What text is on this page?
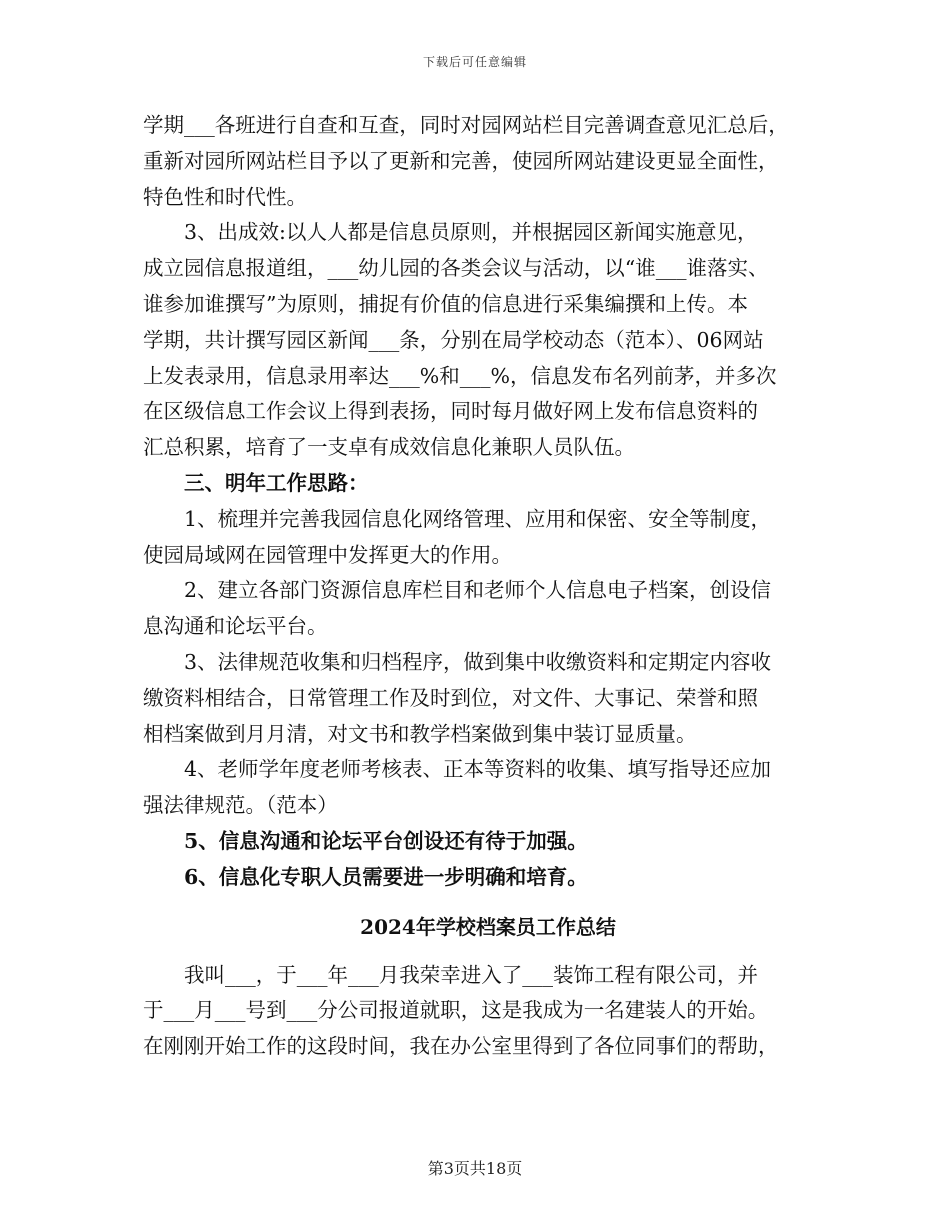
下载后可任意编辑
学期___各班进行自查和互查，同时对园网站栏目完善调查意见汇总后，
重新对园所网站栏目予以了更新和完善，使园所网站建设更显全面性，
特色性和时代性。
3、出成效:以人人都是信息员原则，并根据园区新闻实施意见，
成立园信息报道组，___幼儿园的各类会议与活动，以“谁___谁落实、
谁参加谁撰写”为原则，捕捉有价值的信息进行采集编撰和上传。本
学期，共计撰写园区新闻___条，分别在局学校动态（范本）、06网站
上发表录用，信息录用率达___%和___%，信息发布名列前茅，并多次
在区级信息工作会议上得到表扬，同时每月做好网上发布信息资料的
汇总积累，培育了一支卓有成效信息化兼职人员队伍。
三、明年工作思路：
1、梳理并完善我园信息化网络管理、应用和保密、安全等制度，
使园局域网在园管理中发挥更大的作用。
2、建立各部门资源信息库栏目和老师个人信息电子档案，创设信
息沟通和论坛平台。
3、法律规范收集和归档程序，做到集中收缴资料和定期定内容收
缴资料相结合，日常管理工作及时到位，对文件、大事记、荣誉和照
相档案做到月月清，对文书和教学档案做到集中装订显质量。
4、老师学年度老师考核表、正本等资料的收集、填写指导还应加
强法律规范。（范本）
5、信息沟通和论坛平台创设还有待于加强。
6、信息化专职人员需要进一步明确和培育。
2024年学校档案员工作总结
我叫___，于___年___月我荣幸进入了___装饰工程有限公司，并
于___月___号到___分公司报道就职，这是我成为一名建装人的开始。
在刚刚开始工作的这段时间，我在办公室里得到了各位同事们的帮助，
第3页共18页
